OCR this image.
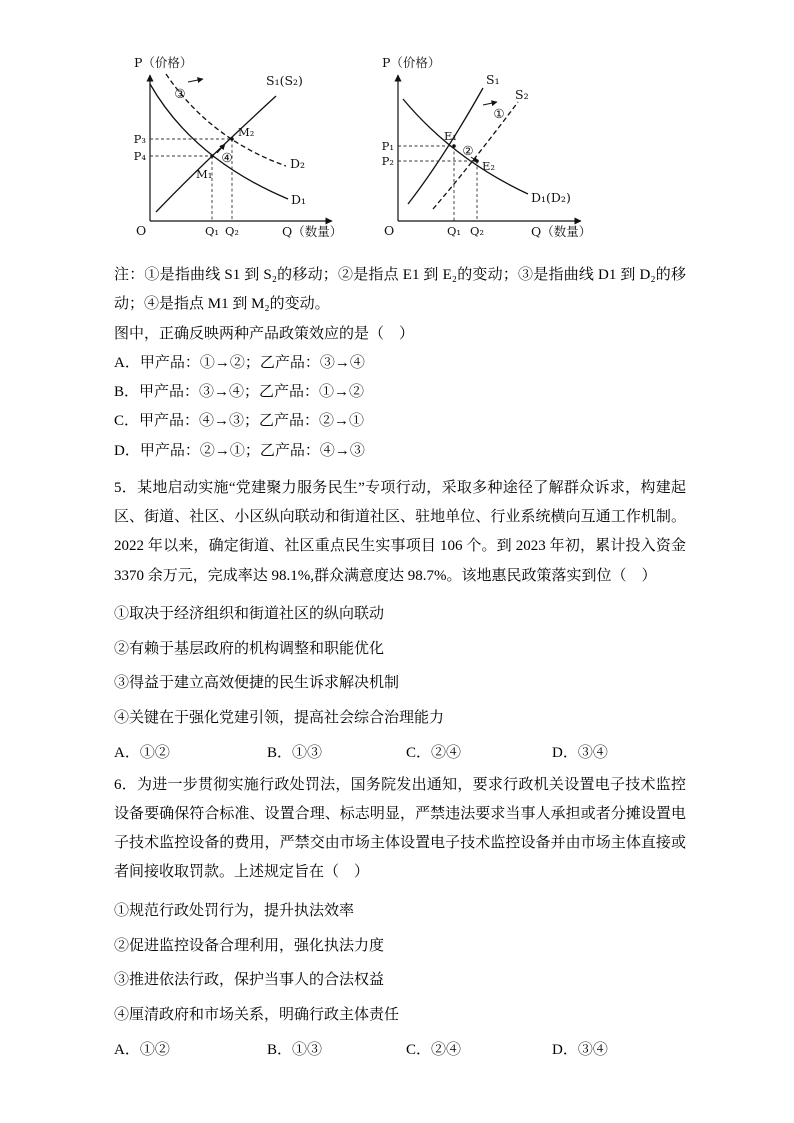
P（价格）
Q（数量）
O
S₁(S₂)
D₁
D₂
P₃
P₄
Q₁ Q₂
M₁
M₂
③
④
P（价格）
Q（数量）
O
S₁
S₂
D₁(D₂)
P₁
P₂
Q₁ Q₂
E₁
E₂
①
②

注：①是指曲线 S1 到 S₂的移动；②是指点 E1 到 E₂的变动；③是指曲线 D1 到 D₂的移动；④是指点 M1 到 M₂的变动。

图中，正确反映两种产品政策效应的是（　）

A．甲产品：①→②；乙产品：③→④

B．甲产品：③→④；乙产品：①→②

C．甲产品：④→③；乙产品：②→①

D．甲产品：②→①；乙产品：④→③

5．某地启动实施“党建聚力服务民生”专项行动，采取多种途径了解群众诉求，构建起区、街道、社区、小区纵向联动和街道社区、驻地单位、行业系统横向互通工作机制。2022 年以来，确定街道、社区重点民生实事项目 106 个。到 2023 年初，累计投入资金 3370 余万元，完成率达 98.1%,群众满意度达 98.7%。该地惠民政策落实到位（　）

①取决于经济组织和街道社区的纵向联动

②有赖于基层政府的机构调整和职能优化

③得益于建立高效便捷的民生诉求解决机制

④关键在于强化党建引领，提高社会综合治理能力

A．①②	B．①③	C．②④	D．③④

6．为进一步贯彻实施行政处罚法，国务院发出通知，要求行政机关设置电子技术监控设备要确保符合标准、设置合理、标志明显，严禁违法要求当事人承担或者分摊设置电子技术监控设备的费用，严禁交由市场主体设置电子技术监控设备并由市场主体直接或者间接收取罚款。上述规定旨在（　）

①规范行政处罚行为，提升执法效率

②促进监控设备合理利用，强化执法力度

③推进依法行政，保护当事人的合法权益

④厘清政府和市场关系，明确行政主体责任

A．①②	B．①③	C．②④	D．③④
